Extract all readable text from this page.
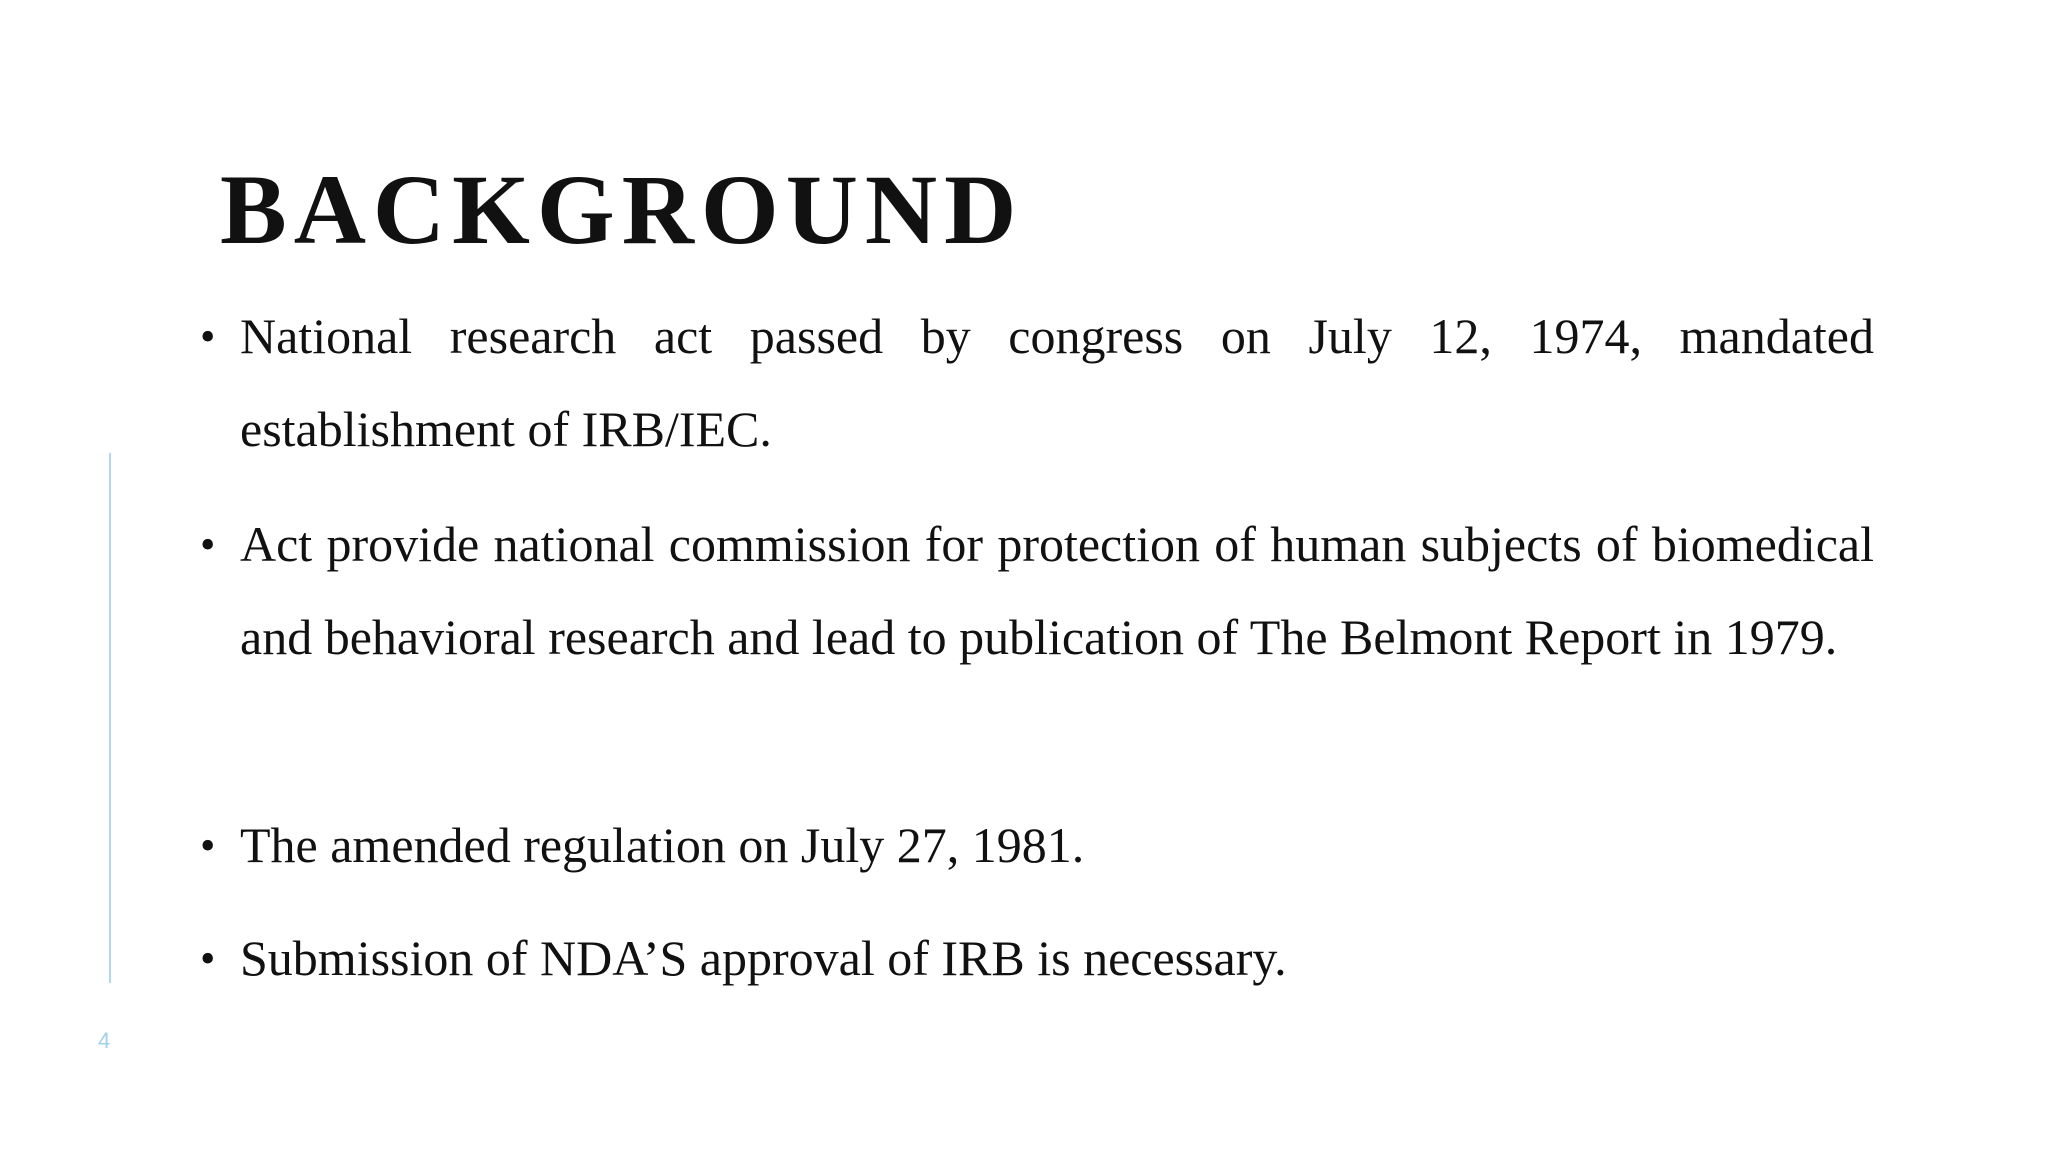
BACKGROUND
• National research act passed by congress on July 12, 1974, mandated establishment of IRB/IEC.
• Act provide national commission for protection of human subjects of biomedical and behavioral research and lead to publication of The Belmont Report in 1979.
• The amended regulation on July 27, 1981.
• Submission of NDA’S approval of IRB is necessary.
4
